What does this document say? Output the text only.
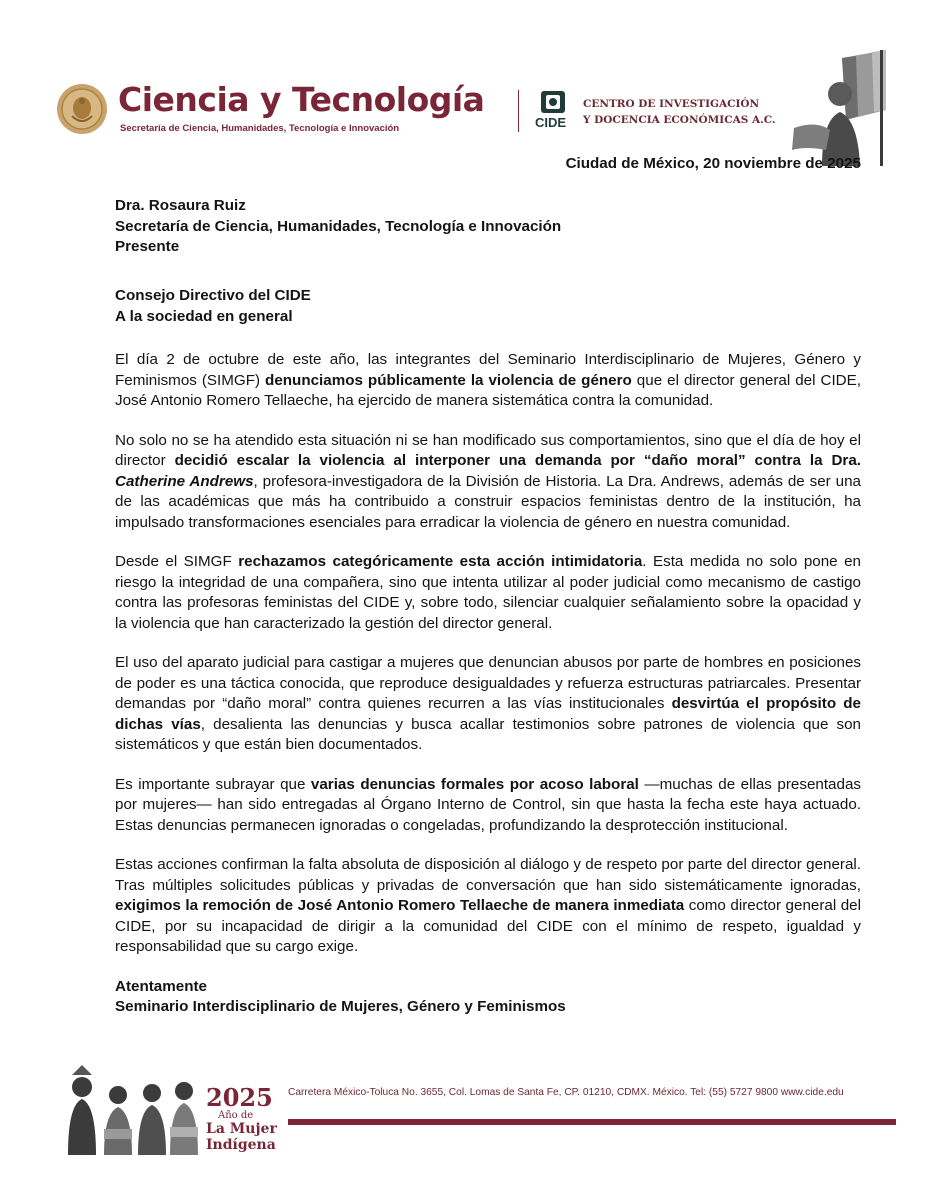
Ciencia y Tecnología
Secretaría de Ciencia, Humanidades, Tecnología e Innovación	CIDE
CENTRO DE INVESTIGACIÓN
Y DOCENCIA ECONÓMICAS A.C.
Ciudad de México, 20 noviembre de 2025
Dra. Rosaura Ruiz
Secretaría de Ciencia, Humanidades, Tecnología e Innovación
Presente
Consejo Directivo del CIDE
A la sociedad en general

El día 2 de octubre de este año, las integrantes del Seminario Interdisciplinario de Mujeres, Género y Feminismos (SIMGF) denunciamos públicamente la violencia de género que el director general del CIDE, José Antonio Romero Tellaeche, ha ejercido de manera sistemática contra la comunidad.

No solo no se ha atendido esta situación ni se han modificado sus comportamientos, sino que el día de hoy el director decidió escalar la violencia al interponer una demanda por “daño moral” contra la Dra. Catherine Andrews, profesora-investigadora de la División de Historia. La Dra. Andrews, además de ser una de las académicas que más ha contribuido a construir espacios feministas dentro de la institución, ha impulsado transformaciones esenciales para erradicar la violencia de género en nuestra comunidad.

Desde el SIMGF rechazamos categóricamente esta acción intimidatoria. Esta medida no solo pone en riesgo la integridad de una compañera, sino que intenta utilizar al poder judicial como mecanismo de castigo contra las profesoras feministas del CIDE y, sobre todo, silenciar cualquier señalamiento sobre la opacidad y la violencia que han caracterizado la gestión del director general.

El uso del aparato judicial para castigar a mujeres que denuncian abusos por parte de hombres en posiciones de poder es una táctica conocida, que reproduce desigualdades y refuerza estructuras patriarcales. Presentar demandas por “daño moral” contra quienes recurren a las vías institucionales desvirtúa el propósito de dichas vías, desalienta las denuncias y busca acallar testimonios sobre patrones de violencia que son sistemáticos y que están bien documentados.

Es importante subrayar que varias denuncias formales por acoso laboral —muchas de ellas presentadas por mujeres— han sido entregadas al Órgano Interno de Control, sin que hasta la fecha este haya actuado. Estas denuncias permanecen ignoradas o congeladas, profundizando la desprotección institucional.

Estas acciones confirman la falta absoluta de disposición al diálogo y de respeto por parte del director general. Tras múltiples solicitudes públicas y privadas de conversación que han sido sistemáticamente ignoradas, exigimos la remoción de José Antonio Romero Tellaeche de manera inmediata como director general del CIDE, por su incapacidad de dirigir a la comunidad del CIDE con el mínimo de respeto, igualdad y responsabilidad que su cargo exige.

Atentamente
Seminario Interdisciplinario de Mujeres, Género y Feminismos
2025
Año de
La Mujer
Indígena
Carretera México-Toluca No. 3655, Col. Lomas de Santa Fe, CP. 01210, CDMX. México. Tel: (55) 5727 9800 www.cide.edu
